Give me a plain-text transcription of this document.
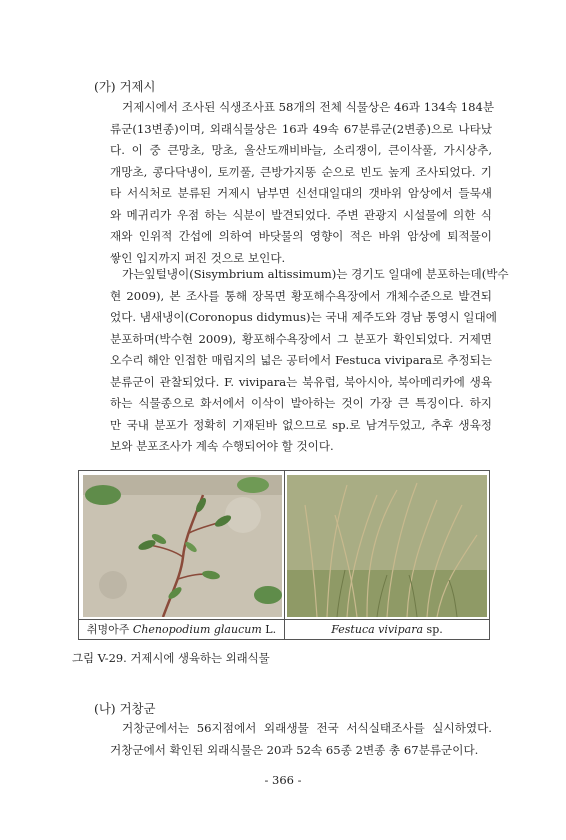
(가) 거제시
거제시에서 조사된 식생조사표 58개의 전체 식물상은 46과 134속 184분
류군(13변종)이며, 외래식물상은 16과 49속 67분류군(2변종)으로 나타났
다. 이 중 큰망초, 망초, 울산도깨비바늘, 소리쟁이, 큰이삭풀, 가시상추,
개망초, 콩다닥냉이, 토끼풀, 큰방가지똥 순으로 빈도 높게 조사되었다. 기
타 서식처로 분류된 거제시 남부면 신선대일대의 갯바위 암상에서 들묵새
와 메귀리가 우점 하는 식분이 발견되었다. 주변 관광지 시설물에 의한 식
재와 인위적 간섭에 의하여 바닷물의 영향이 적은 바위 암상에 퇴적물이
쌓인 입지까지 퍼진 것으로 보인다.
가는잎털냉이(Sisymbrium altissimum)는 경기도 일대에 분포하는데(박수
현 2009), 본 조사를 통해 장목면 황포해수욕장에서 개체수준으로 발견되
었다. 냄새냉이(Coronopus didymus)는 국내 제주도와 경남 통영시 일대에
분포하며(박수현 2009), 황포해수욕장에서 그 분포가 확인되었다. 거제면
오수리 해안 인접한 매립지의 넓은 공터에서 Festuca vivipara로 추정되는
분류군이 관찰되었다. F. vivipara는 북유럽, 북아시아, 북아메리카에 생육
하는 식물종으로 화서에서 이삭이 발아하는 것이 가장 큰 특징이다. 하지
만 국내 분포가 정확히 기재된바 없으므로 sp.로 남겨두었고, 추후 생육정
보와 분포조사가 계속 수행되어야 할 것이다.
취명아주 Chenopodium glaucum L.	Festuca vivipara sp.
그림 V-29. 거제시에 생육하는 외래식물
(나) 거창군
거창군에서는 56지점에서 외래생물 전국 서식실태조사를 실시하였다.
거창군에서 확인된 외래식물은 20과 52속 65종 2변종 총 67분류군이다.
- 366 -
